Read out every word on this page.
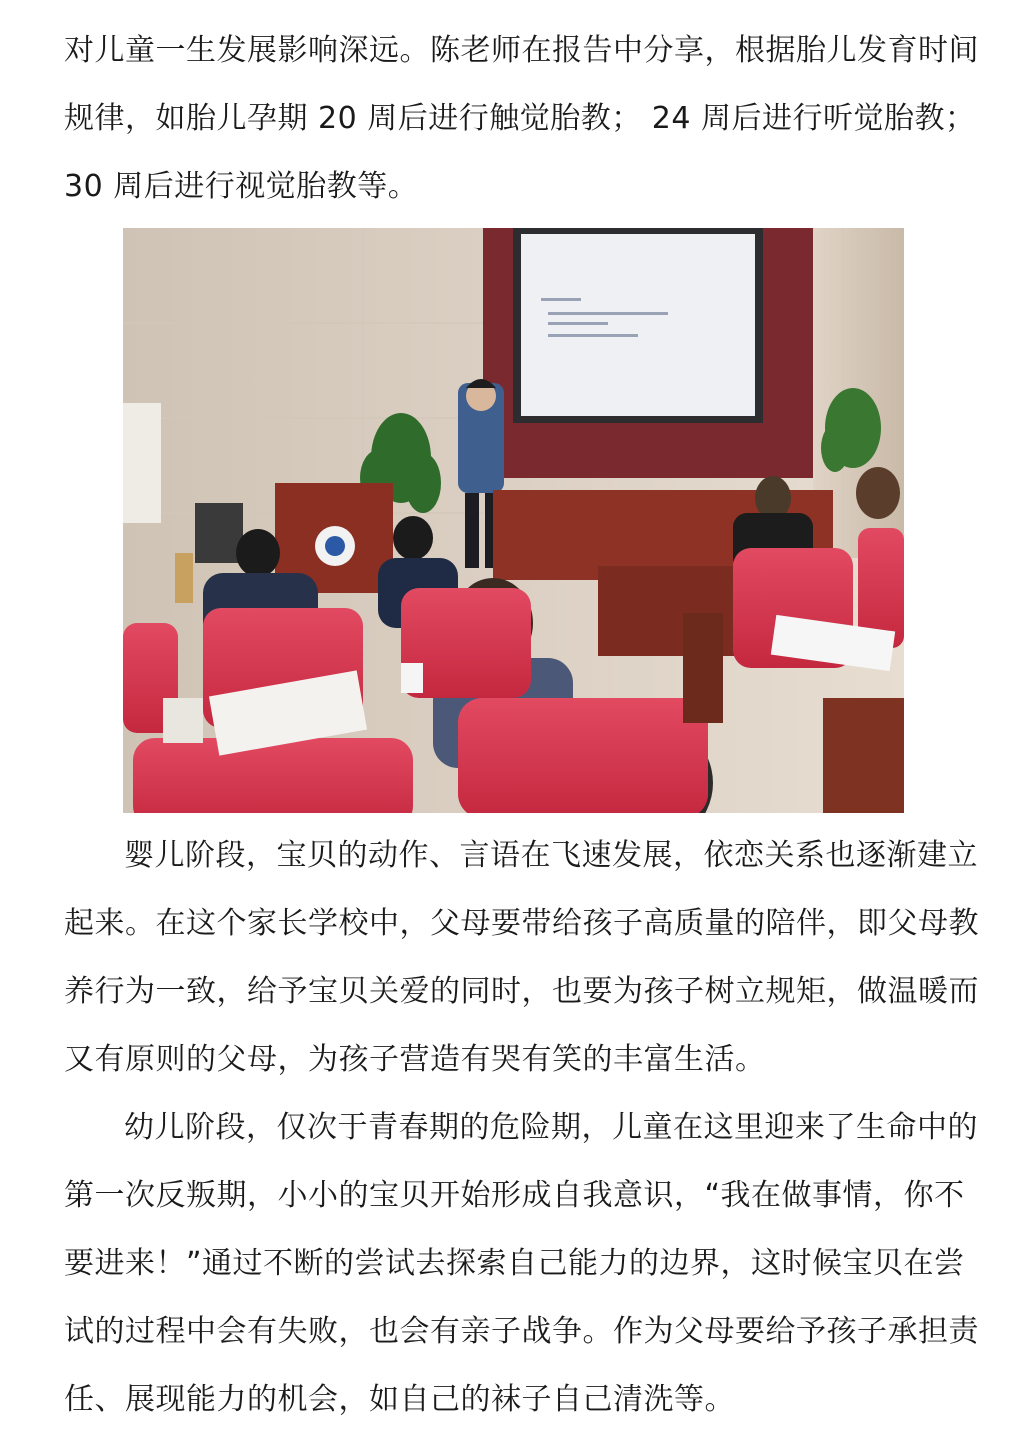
对儿童一生发展影响深远。陈老师在报告中分享，根据胎儿发育时间
规律，如胎儿孕期 20 周后进行触觉胎教； 24 周后进行听觉胎教；
30 周后进行视觉胎教等。

婴儿阶段，宝贝的动作、言语在飞速发展，依恋关系也逐渐建立
起来。在这个家长学校中，父母要带给孩子高质量的陪伴，即父母教
养行为一致，给予宝贝关爱的同时，也要为孩子树立规矩，做温暖而
又有原则的父母，为孩子营造有哭有笑的丰富生活。

幼儿阶段，仅次于青春期的危险期，儿童在这里迎来了生命中的
第一次反叛期，小小的宝贝开始形成自我意识，“我在做事情，你不
要进来！”通过不断的尝试去探索自己能力的边界，这时候宝贝在尝
试的过程中会有失败，也会有亲子战争。作为父母要给予孩子承担责
任、展现能力的机会，如自己的袜子自己清洗等。
